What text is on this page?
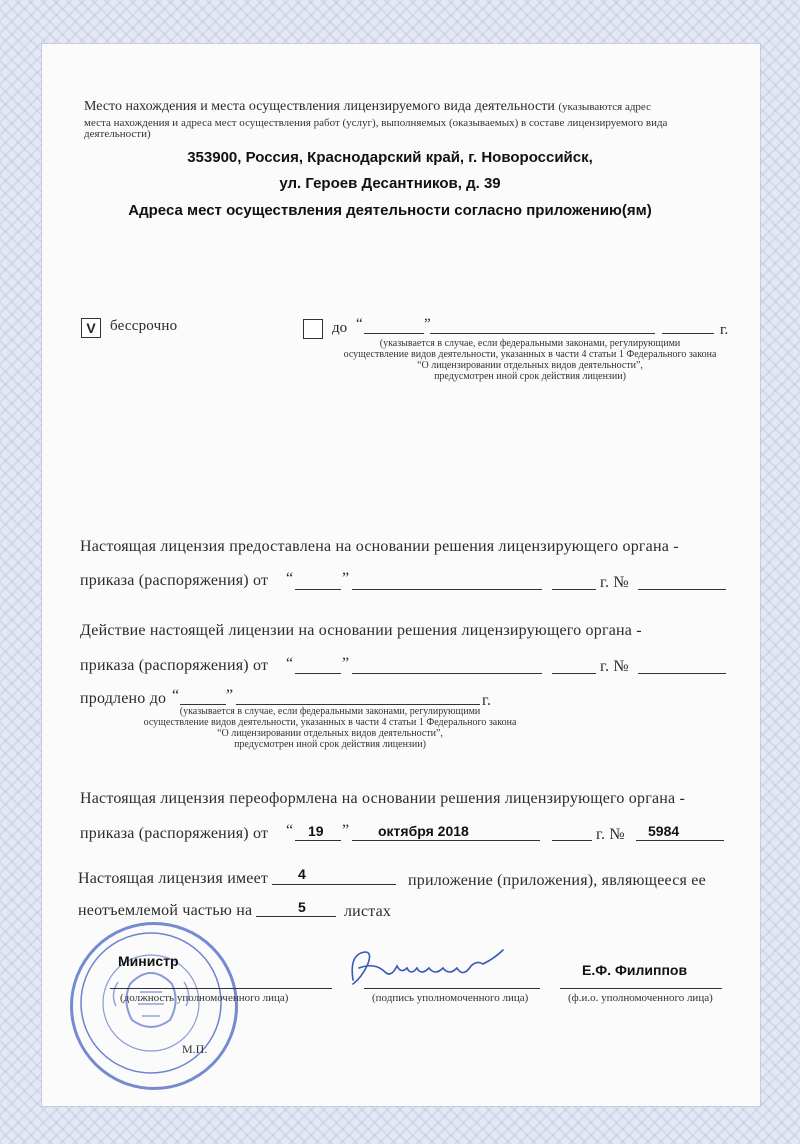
Место нахождения и места осуществления лицензируемого вида деятельности (указываются адрес
места нахождения и адреса мест осуществления работ (услуг), выполняемых (оказываемых) в составе лицензируемого вида
деятельности)
353900, Россия, Краснодарский край, г. Новороссийск,
ул. Героев Десантников, д. 39
Адреса мест осуществления деятельности согласно приложению(ям)
V бессрочно	до “	”	г.
(указывается в случае, если федеральными законами, регулирующими
осуществление видов деятельности, указанных в части 4 статьи 1 Федерального закона
“О лицензировании отдельных видов деятельности”,
предусмотрен иной срок действия лицензии)
Настоящая лицензия предоставлена на основании решения лицензирующего органа -
приказа (распоряжения) от “	”	г. №
Действие настоящей лицензии на основании решения лицензирующего органа -
приказа (распоряжения) от “	”	г. №
продлено до “	”	г.
(указывается в случае, если федеральными законами, регулирующими
осуществление видов деятельности, указанных в части 4 статьи 1 Федерального закона
“О лицензировании отдельных видов деятельности”,
предусмотрен иной срок действия лицензии)
Настоящая лицензия переоформлена на основании решения лицензирующего органа -
приказа (распоряжения) от “ 19 ” октября 2018	г. № 5984
Настоящая лицензия имеет 4	приложение (приложения), являющееся ее
неотъемлемой частью на	5 листах
М.П.
Министр
(должность уполномоченного лица)	(подпись уполномоченного лица)
Е.Ф. Филиппов
(ф.и.о. уполномоченного лица)
